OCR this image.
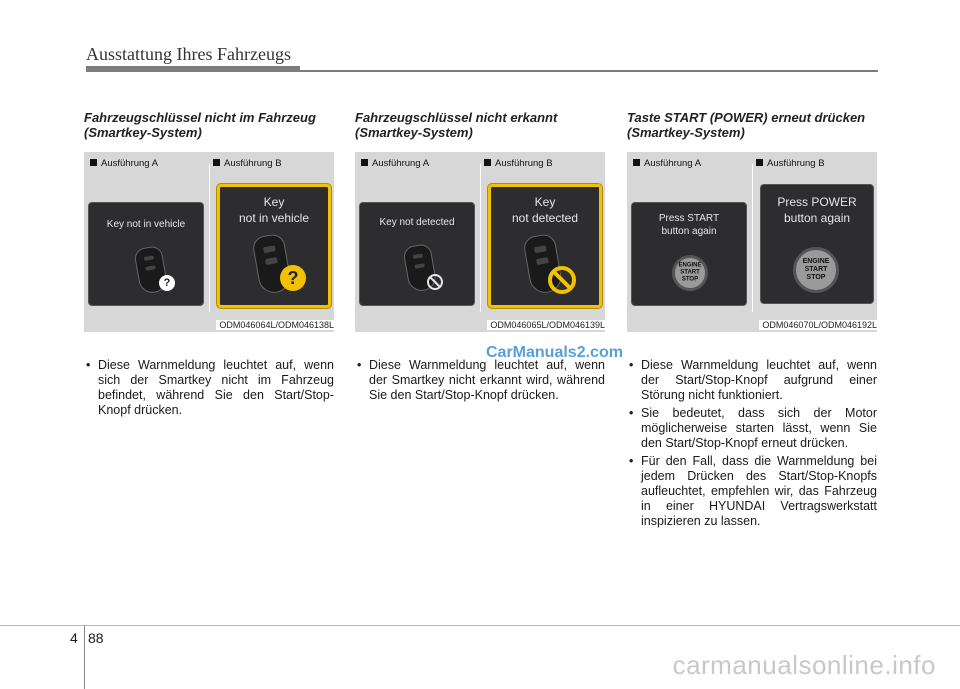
Ausstattung Ihres Fahrzeugs
Fahrzeugschlüssel nicht im Fahrzeug (Smartkey-System)
Ausführung A	Ausführung B
Key not in vehicle
?
Key
not in vehicle
?
ODM046064L/ODM046138L
• Diese Warnmeldung leuchtet auf, wenn sich der Smartkey nicht im Fahrzeug befindet, während Sie den Start/Stop-Knopf drücken.
Fahrzeugschlüssel nicht erkannt (Smartkey-System)
Ausführung A	Ausführung B
Key not detected
Key
not detected
ODM046065L/ODM046139L
• Diese Warnmeldung leuchtet auf, wenn der Smartkey nicht erkannt wird, während Sie den Start/Stop-Knopf drücken.
Taste START (POWER) erneut drücken (Smartkey-System)
Ausführung A	Ausführung B
Press START
button again
ENGINE
START
STOP
Press POWER
button again
ENGINE
START
STOP
ODM046070L/ODM046192L
• Diese Warnmeldung leuchtet auf, wenn der Start/Stop-Knopf aufgrund einer Störung nicht funktioniert.
• Sie bedeutet, dass sich der Motor möglicherweise starten lässt, wenn Sie den Start/Stop-Knopf erneut drücken.
• Für den Fall, dass die Warnmeldung bei jedem Drücken des Start/Stop-Knopfs aufleuchtet, empfehlen wir, das Fahrzeug in einer HYUNDAI Vertragswerkstatt inspizieren zu lassen.
CarManuals2.com
4 88
carmanualsonline.info
